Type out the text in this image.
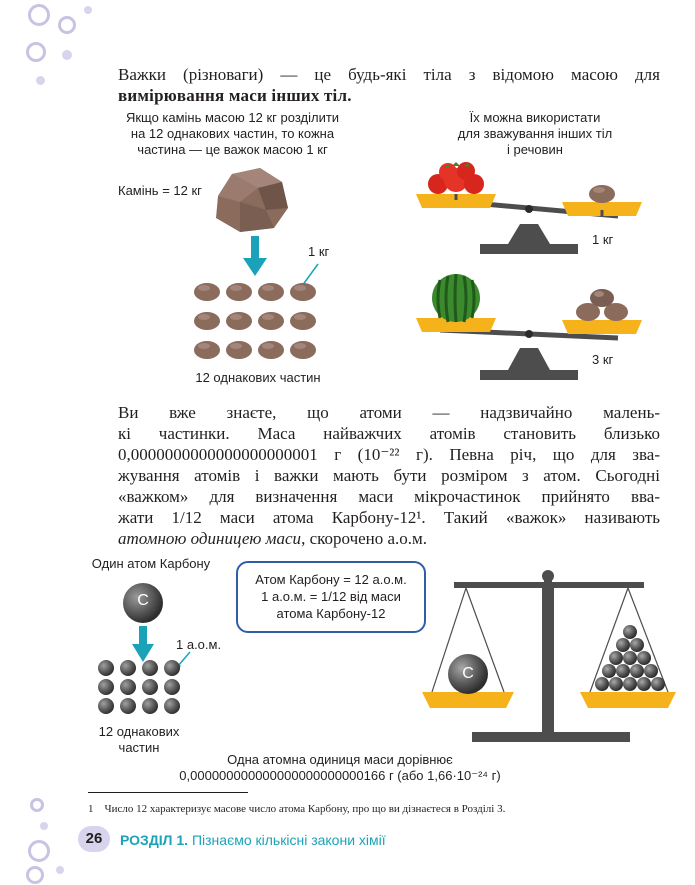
Важки (різноваги) — це будь-які тіла з відомою масою для
вимірювання маси інших тіл.
Якщо камінь масою 12 кг розділити
на 12 однакових частин, то кожна
частина — це важок масою 1 кг
Камінь = 12 кг
1 кг
12 однакових частин
Їх можна використати
для зважування інших тіл
і речовин
1 кг
3 кг
Ви вже знаєте, що атоми — надзвичайно малень-
кі частинки. Маса найважчих атомів становить близько
0,0000000000000000000001 г (10⁻²² г). Певна річ, що для зва-
жування атомів і важки мають бути розміром з атом. Сьогодні
«важком» для визначення маси мікрочастинок прийнято вва-
жати 1/12 маси атома Карбону-12¹. Такий «важок» називають
атомною одиницею маси, скорочено а.о.м.
Один атом Карбону
С
1 а.о.м.
12 однакових
частин
Атом Карбону = 12 а.о.м.
1 а.о.м. = 1/12 від маси
атома Карбону-12
С
Одна атомна одиниця маси дорівнює
0,000000000000000000000000166 г (або 1,66·10⁻²⁴ г)
1 Число 12 характеризує масове число атома Карбону, про що ви дізнаєтеся в Розділі 3.
26	РОЗДІЛ 1. Пізнаємо кількісні закони хімії
